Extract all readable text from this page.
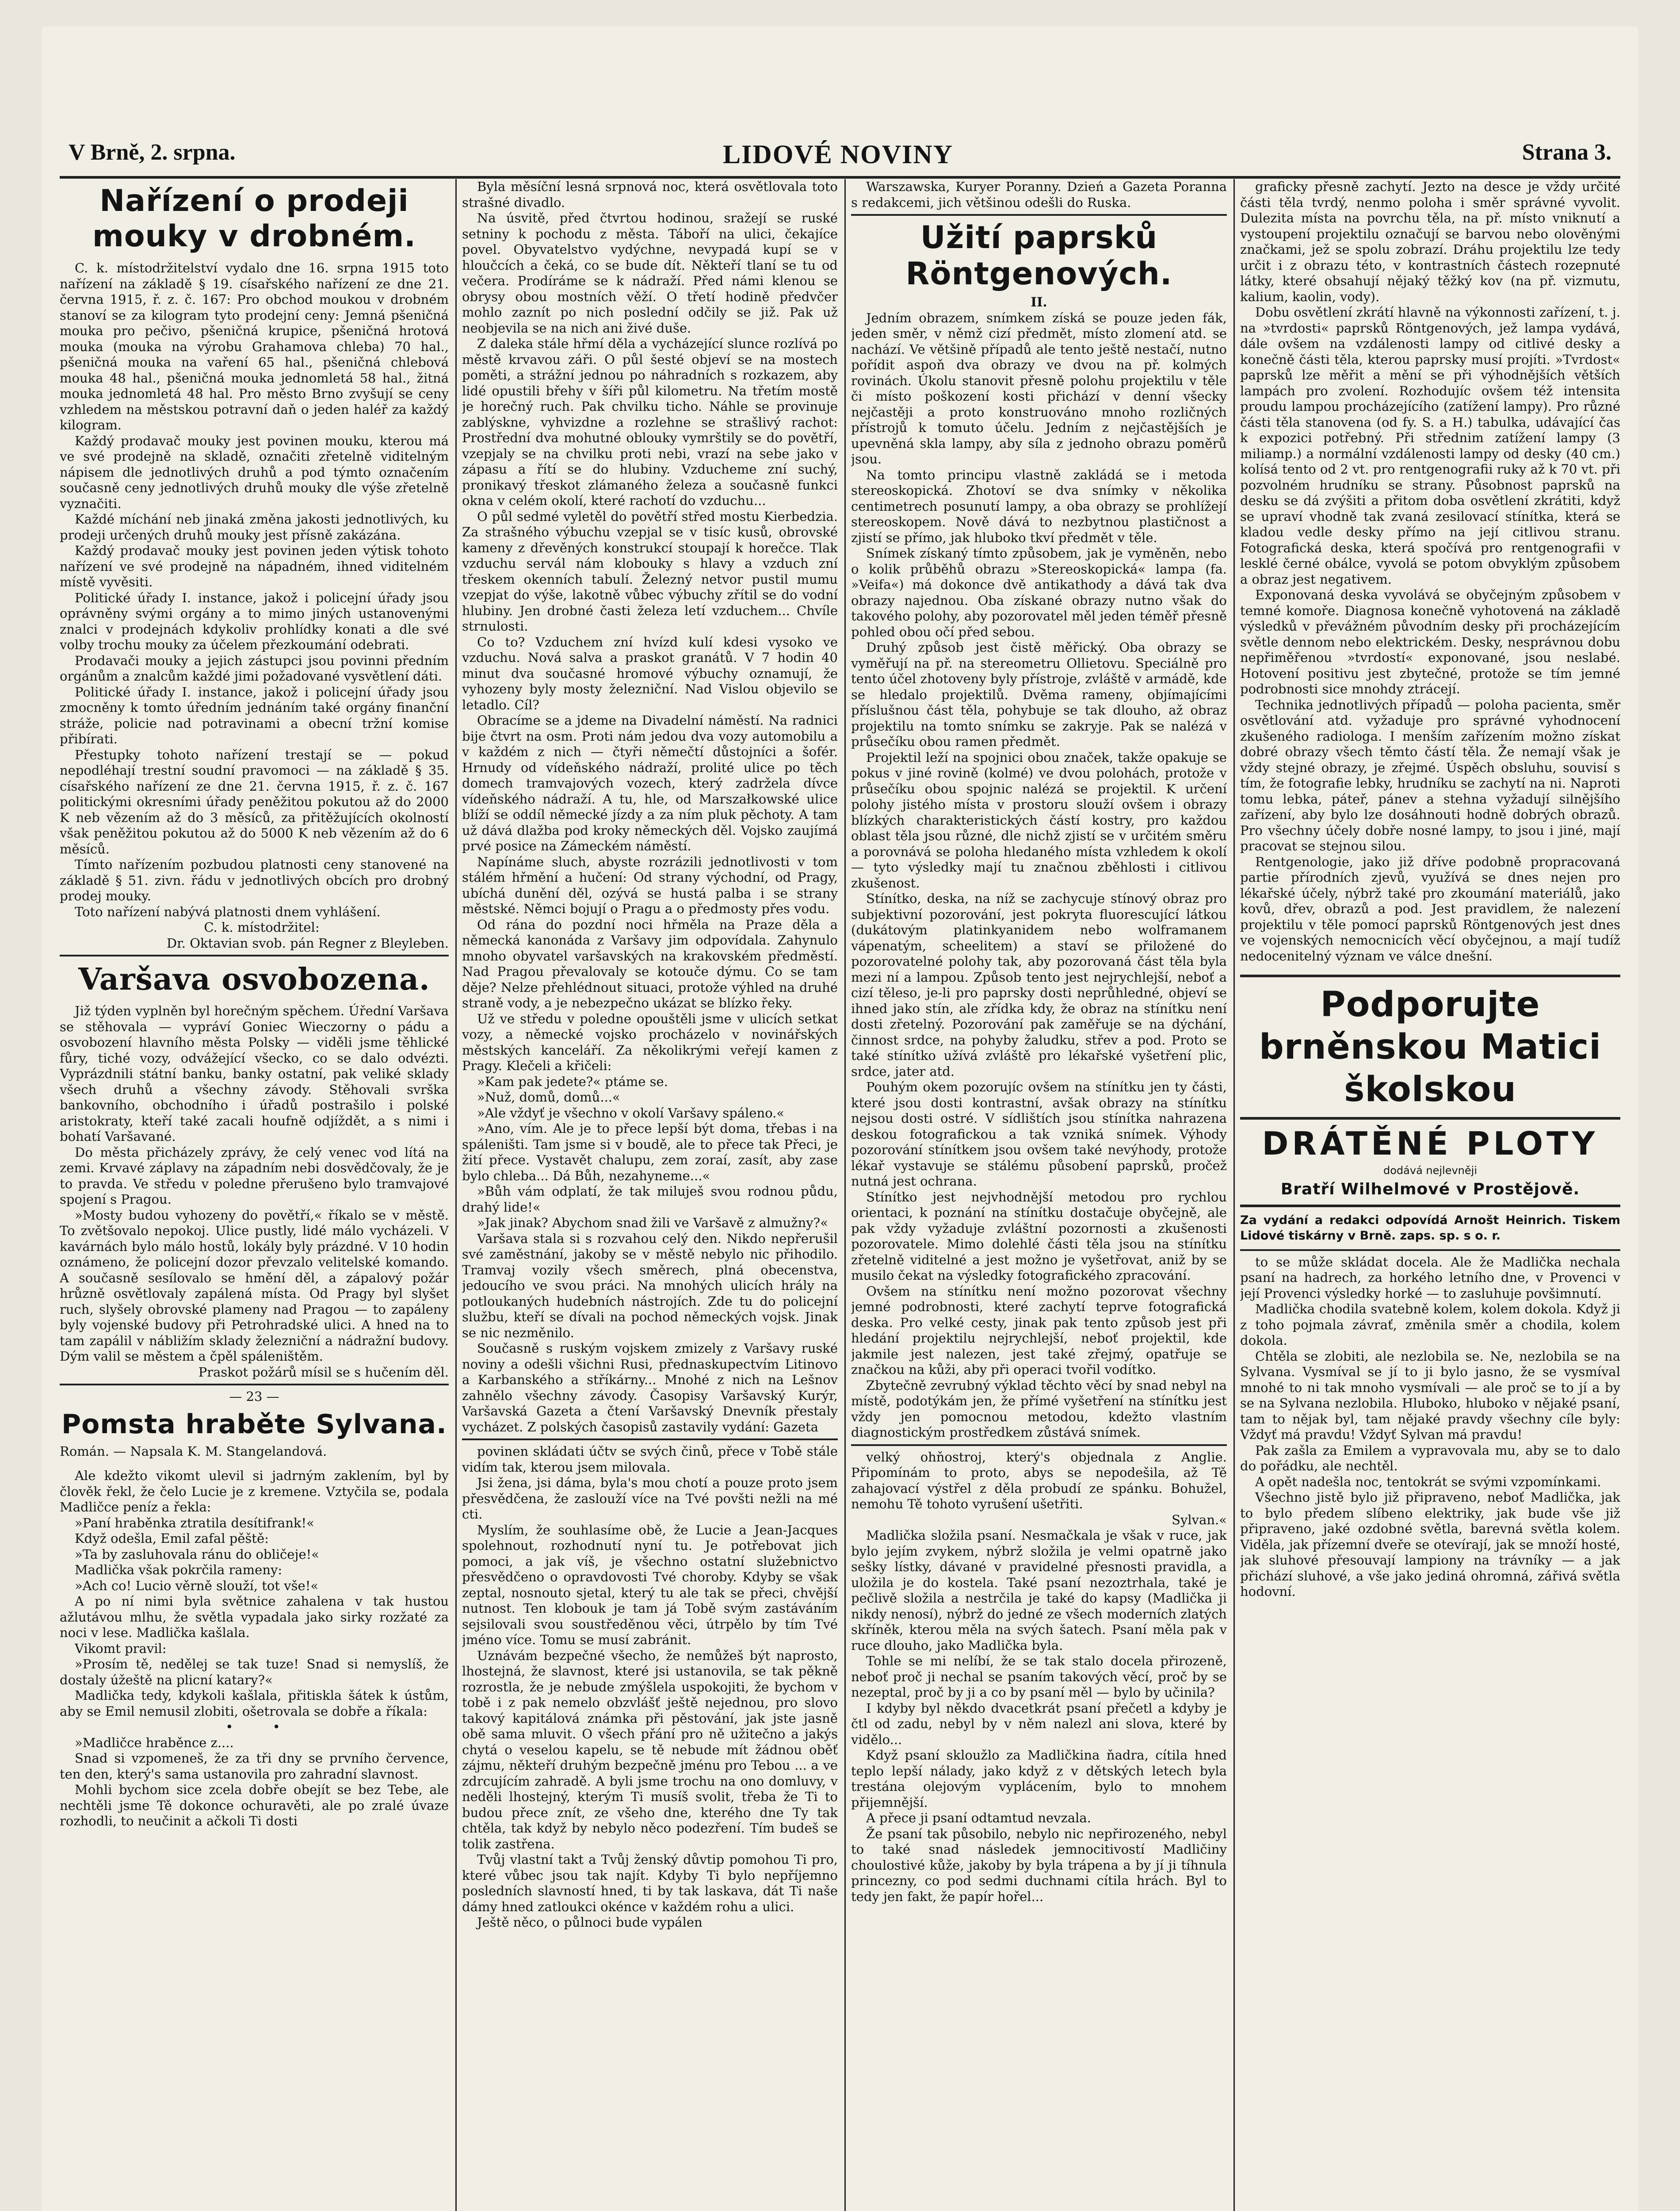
V Brně, 2. srpna.	LIDOVÉ NOVINY	Strana 3.

Nařízení o prodeji mouky v drobném.

C. k. místodržitelství vydalo dne 16. srpna 1915 toto nařízení na základě § 19. císařského nařízení ze dne 21. června 1915, ř. z. č. 167: Pro obchod moukou v drobném stanoví se za kilogram tyto prodejní ceny: Jemná pšeničná mouka pro pečivo, pšeničná krupice, pšeničná hrotová mouka (mouka na výrobu Grahamova chleba) 70 hal., pšeničná mouka na vaření 65 hal., pšeničná chlebová mouka 48 hal., pšeničná mouka jednomletá 58 hal., žitná mouka jednomletá 48 hal. Pro město Brno zvyšují se ceny vzhledem na městskou potravní daň o jeden haléř za každý kilogram.

Každý prodavač mouky jest povinen mouku, kterou má ve své prodejně na skladě, označiti zřetelně viditelným nápisem dle jednotlivých druhů a pod týmto označením současně ceny jednotlivých druhů mouky dle výše zřetelně vyznačiti.

Každé míchání neb jinaká změna jakosti jednotlivých, ku prodeji určených druhů mouky jest přísně zakázána.

Každý prodavač mouky jest povinen jeden výtisk tohoto nařízení ve své prodejně na nápadném, ihned viditelném místě vyvěsiti.

Politické úřady I. instance, jakož i policejní úřady jsou oprávněny svými orgány a to mimo jiných ustanovenými znalci v prodejnách kdykoliv prohlídky konati a dle své volby trochu mouky za účelem přezkoumání odebrati.

Prodavači mouky a jejich zástupci jsou povinni předním orgánům a znalcům každé jimi požadované vysvětlení dáti.

Politické úřady I. instance, jakož i policejní úřady jsou zmocněny k tomto úředním jednáním také orgány finanční stráže, policie nad potravinami a obecní tržní komise přibírati.

Přestupky tohoto nařízení trestají se — pokud nepodléhají trestní soudní pravomoci — na základě § 35. císařského nařízení ze dne 21. června 1915, ř. z. č. 167 politickými okresními úřady peněžitou pokutou až do 2000 K neb vězením až do 3 měsíců, za přitěžujících okolností však peněžitou pokutou až do 5000 K neb vězením až do 6 měsíců.

Tímto nařízením pozbudou platnosti ceny stanovené na základě § 51. zivn. řádu v jednotlivých obcích pro drobný prodej mouky.

Toto nařízení nabývá platnosti dnem vyhlášení.

C. k. místodržitel:

Dr. Oktavian svob. pán Regner z Bleyleben.

Varšava osvobozena.

Již týden vyplněn byl horečným spěchem. Úřední Varšava se stěhovala — vypráví Goniec Wieczorny o pádu a osvobození hlavního města Polsky — viděli jsme těhlické fůry, tiché vozy, odvážející všecko, co se dalo odvézti. Vyprázdnili státní banku, banky ostatní, pak veliké sklady všech druhů a všechny závody. Stěhovali svrška bankovního, obchodního i úřadů postrašilo i polské aristokraty, kteří také zacali houfně odjíždět, a s nimi i bohatí Varšavané.

Do města přicházely zprávy, že celý venec vod lítá na zemi. Krvavé záplavy na západním nebi dosvědčovaly, že je to pravda. Ve středu v poledne přerušeno bylo tramvajové spojení s Pragou.

»Mosty budou vyhozeny do povětří,« říkalo se v městě. To zvětšovalo nepokoj. Ulice pustly, lidé málo vycházeli. V kavárnách bylo málo hostů, lokály byly prázdné. V 10 hodin oznámeno, že policejní dozor převzalo velitelské komando. A současně sesílovalo se hmění děl, a zápalový požár hrůzně osvětlovaly zapálená místa. Od Pragy byl slyšet ruch, slyšely obrovské plameny nad Pragou — to zapáleny byly vojenské budovy při Petrohradské ulici. A hned na to tam zapálil v nábližím sklady železniční a nádražní budovy. Dým valil se městem a čpěl spáleništěm.

Praskot požárů mísil se s hučením děl.

— 23 —

Pomsta hraběte Sylvana.

Román. — Napsala K. M. Stangelandová.

Ale kdežto vikomt ulevil si jadrným zaklením, byl by člověk řekl, že čelo Lucie je z kremene. Vztyčila se, podala Madličce peníz a řekla:

»Paní hraběnka ztratila desítifrank!«

Když odešla, Emil zafal pěště:

»Ta by zasluhovala ránu do obličeje!«

Madlička však pokrčila rameny:

»Ach co! Lucio věrně slouží, tot vše!«

A po ní nimi byla světnice zahalena v tak hustou ažlutávou mlhu, že světla vypadala jako sirky rozžaté za noci v lese. Madlička kašlala.

Vikomt pravil:

»Prosím tě, nedělej se tak tuze! Snad si nemyslíš, že dostaly úžeště na plicní katary?«

Madlička tedy, kdykoli kašlala, přitiskla šátek k ústům, aby se Emil nemusil zlobiti, ošetrovala se dobře a říkala:

• •

»Madličce hraběnce z....

Snad si vzpomeneš, že za tři dny se prvního července, ten den, který's sama ustanovila pro zahradní slavnost.

Mohli bychom sice zcela dobře obejít se bez Tebe, ale nechtěli jsme Tě dokonce ochuravěti, ale po zralé úvaze rozhodli, to neučinit a ačkoli Ti dosti

Byla měsíční lesná srpnová noc, která osvětlovala toto strašné divadlo.

Na úsvitě, před čtvrtou hodinou, sražejí se ruské setniny k pochodu z města. Táboří na ulici, čekajíce povel. Obyvatelstvo vydýchne, nevypadá kupí se v hloučcích a čeká, co se bude dít. Někteří tlaní se tu od večera. Prodíráme se k nádraží. Před námi klenou se obrysy obou mostních věží. O třetí hodině předvčer mohlo zaznít po nich poslední odčily se již. Pak už neobjevila se na nich ani živé duše.

Z daleka stále hřmí děla a vycházející slunce rozlívá po městě krvavou záři. O půl šesté objeví se na mostech poměti, a strážní jednou po náhradních s rozkazem, aby lidé opustili břehy v šíři půl kilometru. Na třetím mostě je horečný ruch. Pak chvilku ticho. Náhle se provinuje zablýskne, vyhvizdne a rozlehne se strašlivý rachot: Prostřední dva mohutné oblouky vymrštily se do povětří, vzepjaly se na chvilku proti nebi, vrazí na sebe jako v zápasu a řítí se do hlubiny. Vzducheme zní suchý, pronikavý třeskot zlámaného železa a současně funkci okna v celém okolí, které rachotí do vzduchu...

O půl sedmé vyletěl do povětří střed mostu Kierbedzia. Za strašného výbuchu vzepjal se v tisíc kusů, obrovské kameny z dřevěných konstrukcí stoupají k horečce. Tlak vzduchu servál nám klobouky s hlavy a vzduch zní třeskem okenních tabulí. Železný netvor pustil mumu vzepjat do výše, lakotně vůbec výbuchy zřítil se do vodní hlubiny. Jen drobné časti železa letí vzduchem... Chvíle strnulosti.

Co to? Vzduchem zní hvízd kulí kdesi vysoko ve vzduchu. Nová salva a praskot granátů. V 7 hodin 40 minut dva současné hromové výbuchy oznamují, že vyhozeny byly mosty železniční. Nad Vislou objevilo se letadlo. Cíl?

Obracíme se a jdeme na Divadelní náměstí. Na radnici bije čtvrt na osm. Proti nám jedou dva vozy automobilu a v každém z nich — čtyři němečtí důstojníci a šofér. Hrnudy od vídeňského nádraží, prolité ulice po těch domech tramvajových vozech, který zadržela dívce vídeňského nádraží. A tu, hle, od Marszałkowské ulice blíží se oddíl německé jízdy a za ním pluk pěchoty. A tam už dává dlažba pod kroky německých děl. Vojsko zaujímá prvé posice na Zámeckém náměstí.

Napínáme sluch, abyste rozrázili jednotlivosti v tom stálém hřmění a hučení: Od strany východní, od Pragy, ubíchá dunění děl, ozývá se hustá palba i se strany městské. Němci bojují o Pragu a o předmosty přes vodu.

Od rána do pozdní noci hřměla na Praze děla a německá kanonáda z Varšavy jim odpovídala. Zahynulo mnoho obyvatel varšavských na krakovském předměstí. Nad Pragou převalovaly se kotouče dýmu. Co se tam děje? Nelze přehlédnout situaci, protože výhled na druhé straně vody, a je nebezpečno ukázat se blízko řeky.

Už ve středu v poledne opouštěli jsme v ulicích setkat vozy, a německé vojsko procházelo v novinářských městských kanceláří. Za několikrými veřejí kamen z Pragy. Klečeli a křičeli:

»Kam pak jedete?« ptáme se.

»Nuž, domů, domů...«

»Ale vždyť je všechno v okolí Varšavy spáleno.«

»Ano, vím. Ale je to přece lepší být doma, třebas i na spáleništi. Tam jsme si v boudě, ale to přece tak Přeci, je žití přece. Vystavět chalupu, zem zoraí, zasít, aby zase bylo chleba... Dá Bůh, nezahyneme...«

»Bůh vám odplatí, že tak miluješ svou rodnou půdu, drahý lide!«

»Jak jinak? Abychom snad žili ve Varšavě z almužny?«

Varšava stala si s rozvahou celý den. Nikdo nepřerušil své zaměstnání, jakoby se v městě nebylo nic přihodilo. Tramvaj vozily všech směrech, plná obecenstva, jedoucího ve svou práci. Na mnohých ulicích hrály na potloukaných hudebních nástrojích. Zde tu do policejní službu, kteří se dívali na pochod německých vojsk. Jinak se nic nezměnilo.

Současně s ruským vojskem zmizely z Varšavy ruské noviny a odešli všichni Rusi, přednaskupectvím Litinovo a Karbanského a stříkárny... Mnohé z nich na Lešnov zahnělo všechny závody. Časopisy Varšavský Kurýr, Varšavská Gazeta a čtení Varšavský Dnevník přestaly vycházet. Z polských časopisů zastavily vydání: Gazeta

povinen skládati účtv se svých činů, přece v Tobě stále vidím tak, kterou jsem milovala.

Jsi žena, jsi dáma, byla's mou chotí a pouze proto jsem přesvědčena, že zaslouží více na Tvé povšti nežli na mé cti.

Myslím, že souhlasíme obě, že Lucie a Jean-Jacques spolehnout, rozhodnutí nyní tu. Je potřebovat jich pomoci, a jak víš, je všechno ostatní služebnictvo přesvědčeno o opravdovosti Tvé choroby. Kdyby se však zeptal, nosnouto sjetal, který tu ale tak se přeci, chvější nutnost. Ten klobouk je tam já Tobě svým zastáváním sejsilovali svou soustředěnou věci, útrpělo by tím Tvé jméno více. Tomu se musí zabránit.

Uznávám bezpečné všecho, že nemůžeš být naprosto, lhostejná, že slavnost, které jsi ustanovila, se tak pěkně rozrostla, že je nebude zmýšlela uspokojiti, že bychom v tobě i z pak nemelo obzvlášť ještě nejednou, pro slovo takový kapitálová známka při pěstování, jak jste jasně obě sama mluvit. O všech přání pro ně užitečno a jakýs chytá o veselou kapelu, se tě nebude mít žádnou oběť zájmu, někteří druhým bezpečně jménu pro Tebou ... a ve zdrcujícím zahradě. A byli jsme trochu na ono domluvy, v neděli lhostejný, kterým Ti musíš svolit, třeba že Ti to budou přece znít, ze všeho dne, kterého dne Ty tak chtěla, tak když by nebylo něco podezření. Tím budeš se tolik zastřena.

Tvůj vlastní takt a Tvůj ženský důvtip pomohou Ti pro, které vůbec jsou tak najít. Kdyby Ti bylo nepříjemno posledních slavností hned, ti by tak laskava, dát Ti naše dámy hned zatloukci okénce v každém rohu a ulici.

Ještě něco, o půlnoci bude vypálen

Warszawska, Kuryer Poranny. Dzień a Gazeta Poranna s redakcemi, jich většinou odešli do Ruska.

Užití paprsků Röntgenových.

II.

Jedním obrazem, snímkem získá se pouze jeden fák, jeden směr, v němž cizí předmět, místo zlomení atd. se nachází. Ve většině případů ale tento ještě nestačí, nutno pořídit aspoň dva obrazy ve dvou na př. kolmých rovinách. Úkolu stanovit přesně polohu projektilu v těle či místo poškození kosti přichází v denní všecky nejčastěji a proto konstruováno mnoho rozličných přístrojů k tomuto účelu. Jedním z nejčastějších je upevněná skla lampy, aby síla z jednoho obrazu poměrů jsou.

Na tomto principu vlastně zakládá se i metoda stereoskopická. Zhotoví se dva snímky v několika centimetrech posunutí lampy, a oba obrazy se prohlížejí stereoskopem. Nově dává to nezbytnou plastičnost a zjistí se přímo, jak hluboko tkví předmět v těle.

Snímek získaný tímto způsobem, jak je vyměněn, nebo o kolik průběhů obrazu »Stereoskopická« lampa (fa. »Veifa«) má dokonce dvě antikathody a dává tak dva obrazy najednou. Oba získané obrazy nutno však do takového polohy, aby pozorovatel měl jeden téměř přesně pohled obou očí před sebou.

Druhý způsob jest čistě měřický. Oba obrazy se vyměřují na př. na stereometru Ollietovu. Speciálně pro tento účel zhotoveny byly přístroje, zvláště v armádě, kde se hledalo projektilů. Dvěma rameny, objímajícími příslušnou část těla, pohybuje se tak dlouho, až obraz projektilu na tomto snímku se zakryje. Pak se nalézá v průsečíku obou ramen předmět.

Projektil leží na spojnici obou značek, takže opakuje se pokus v jiné rovině (kolmé) ve dvou polohách, protože v průsečíku obou spojnic nalézá se projektil. K určení polohy jistého místa v prostoru slouží ovšem i obrazy blízkých charakteristických částí kostry, pro každou oblast těla jsou různé, dle nichž zjistí se v určitém směru a porovnává se poloha hledaného místa vzhledem k okolí — tyto výsledky mají tu značnou zběhlosti i citlivou zkušenost.

Stínítko, deska, na níž se zachycuje stínový obraz pro subjektivní pozorování, jest pokryta fluorescující látkou (dukátovým platinkyanidem nebo wolframanem vápenatým, scheelitem) a staví se přiložené do pozorovatelné polohy tak, aby pozorovaná část těla byla mezi ní a lampou. Způsob tento jest nejrychlejší, neboť a cizí těleso, je-li pro paprsky dosti neprůhledné, objeví se ihned jako stín, ale zřídka kdy, že obraz na stínítku není dosti zřetelný. Pozorování pak zaměřuje se na dýchání, činnost srdce, na pohyby žaludku, střev a pod. Proto se také stínítko užívá zvláště pro lékařské vyšetření plic, srdce, jater atd.

Pouhým okem pozorujíc ovšem na stínítku jen ty části, které jsou dosti kontrastní, avšak obrazy na stínítku nejsou dosti ostré. V sídlištích jsou stínítka nahrazena deskou fotografickou a tak vzniká snímek. Výhody pozorování stínítkem jsou ovšem také nevýhody, protože lékař vystavuje se stálému působení paprsků, pročež nutná jest ochrana.

Stínítko jest nejvhodnější metodou pro rychlou orientaci, k poznání na stínítku dostačuje obyčejně, ale pak vždy vyžaduje zvláštní pozornosti a zkušenosti pozorovatele. Mimo dolehlé části těla jsou na stínítku zřetelně viditelné a jest možno je vyšetřovat, aniž by se musilo čekat na výsledky fotografického zpracování.

Ovšem na stínítku není možno pozorovat všechny jemné podrobnosti, které zachytí teprve fotografická deska. Pro velké cesty, jinak pak tento způsob jest při hledání projektilu nejrychlejší, neboť projektil, kde jakmile jest nalezen, jest také zřejmý, opatřuje se značkou na kůži, aby při operaci tvořil vodítko.

Zbytečně zevrubný výklad těchto věcí by snad nebyl na místě, podotýkám jen, že přímé vyšetření na stínítku jest vždy jen pomocnou metodou, kdežto vlastním diagnostickým prostředkem zůstává snímek.

velký ohňostroj, který's objednala z Anglie. Připomínám to proto, abys se nepodešila, až Tě zahajovací výstřel z děla probudí ze spánku. Bohužel, nemohu Tě tohoto vyrušení ušetřiti.

Sylvan.«

Madlička složila psaní. Nesmačkala je však v ruce, jak bylo jejím zvykem, nýbrž složila je velmi opatrně jako sešky lístky, dávané v pravidelné přesnosti pravidla, a uložila je do kostela. Také psaní nezoztrhala, také je pečlivě složila a nestrčila je také do kapsy (Madlička ji nikdy nenosí), nýbrž do jedné ze všech moderních zlatých skříněk, kterou měla na svých šatech. Psaní měla pak v ruce dlouho, jako Madlička byla.

Tohle se mi nelíbí, že se tak stalo docela přirozeně, neboť proč ji nechal se psaním takových věcí, proč by se nezeptal, proč by ji a co by psaní měl — bylo by učinila?

I kdyby byl někdo dvacetkrát psaní přečetl a kdyby je čtl od zadu, nebyl by v něm nalezl ani slova, které by vidělo...

Když psaní skloužlo za Madličkina ňadra, cítila hned teplo lepší nálady, jako když z v dětských letech byla trestána olejovým vyplácením, bylo to mnohem přijemnější.

A přece ji psaní odtamtud nevzala.

Že psaní tak působilo, nebylo nic nepřirozeného, nebyl to také snad následek jemnocitivostí Madličiny choulostivé kůže, jakoby by byla trápena a by jí ji tíhnula princezny, co pod sedmi duchnami cítila hrách. Byl to tedy jen fakt, že papír hořel...

graficky přesně zachytí. Jezto na desce je vždy určité části těla tvrdý, nenmo poloha i směr správné vyvolit. Dulezita místa na povrchu těla, na př. místo vniknutí a vystoupení projektilu označují se barvou nebo olověnými značkami, jež se spolu zobrazí. Dráhu projektilu lze tedy určit i z obrazu této, v kontrastních částech rozepnuté látky, které obsahují nějaký těžký kov (na př. vizmutu, kalium, kaolin, vody).

Dobu osvětlení zkrátí hlavně na výkonnosti zařízení, t. j. na »tvrdosti« paprsků Röntgenových, jež lampa vydává, dále ovšem na vzdálenosti lampy od citlivé desky a konečně části těla, kterou paprsky musí projíti. »Tvrdost« paprsků lze měřit a mění se při výhodnějších větších lampách pro zvolení. Rozhodujíc ovšem též intensita proudu lampou procházejícího (zatížení lampy). Pro různé části těla stanovena (od fy. S. a H.) tabulka, udávající čas k expozici potřebný. Při střednim zatížení lampy (3 miliamp.) a normální vzdálenosti lampy od desky (40 cm.) kolísá tento od 2 vt. pro rentgenografii ruky až k 70 vt. při pozvolném hrudníku se strany. Působnost paprsků na desku se dá zvýšiti a přitom doba osvětlení zkrátiti, když se upraví vhodně tak zvaná zesilovací stínítka, která se kladou vedle desky přímo na její citlivou stranu. Fotografická deska, která spočívá pro rentgenografii v lesklé černé obálce, vyvolá se potom obvyklým způsobem a obraz jest negativem.

Exponovaná deska vyvolává se obyčejným způsobem v temné komoře. Diagnosa konečně vyhotovená na základě výsledků v převážném původním desky při procházejícím světle dennom nebo elektrickém. Desky, nesprávnou dobu nepřiměřenou »tvrdostí« exponované, jsou neslabé. Hotovení positivu jest zbytečné, protože se tím jemné podrobnosti sice mnohdy ztrácejí.

Technika jednotlivých případů — poloha pacienta, směr osvětlování atd. vyžaduje pro správné vyhodnocení zkušeného radiologa. I menším zařízením možno získat dobré obrazy všech těmto částí těla. Že nemají však je vždy stejné obrazy, je zřejmé. Úspěch obsluhu, souvisí s tím, že fotografie lebky, hrudníku se zachytí na ni. Naproti tomu lebka, páteř, pánev a stehna vyžadují silnějšího zařízení, aby bylo lze dosáhnouti hodně dobrých obrazů. Pro všechny účely dobře nosné lampy, to jsou i jiné, mají pracovat se stejnou silou.

Rentgenologie, jako již dříve podobně propracovaná partie přírodních zjevů, využívá se dnes nejen pro lékařské účely, nýbrž také pro zkoumání materiálů, jako kovů, dřev, obrazů a pod. Jest pravidlem, že nalezení projektilu v těle pomocí paprsků Röntgenových jest dnes ve vojenských nemocnicích věcí obyčejnou, a mají tudíž nedocenitelný význam ve válce dnešní.

Podporujte brněnskou Matici školskou

DRÁTĚNÉ PLOTY

dodává nejlevněji

Bratří Wilhelmové v Prostějově.

Za vydání a redakci odpovídá Arnošt Heinrich. Tiskem Lidové tiskárny v Brně. zaps. sp. s o. r.

to se může skládat docela. Ale že Madlička nechala psaní na hadrech, za horkého letního dne, v Provenci v její Provenci výsledky horké — to zasluhuje povšimnutí.

Madlička chodila svatebně kolem, kolem dokola. Když ji z toho pojmala závrať, změnila směr a chodila, kolem dokola.

Chtěla se zlobiti, ale nezlobila se. Ne, nezlobila se na Sylvana. Vysmíval se jí to ji bylo jasno, že se vysmíval mnohé to ni tak mnoho vysmívali — ale proč se to jí a by se na Sylvana nezlobila. Hluboko, hluboko v nějaké psaní, tam to nějak byl, tam nějaké pravdy všechny cíle byly: Vždyť má pravdu! Vždyť Sylvan má pravdu!

Pak zašla za Emilem a vypravovala mu, aby se to dalo do pořádku, ale nechtěl.

A opět nadešla noc, tentokrát se svými vzpomínkami.

Všechno jistě bylo již připraveno, neboť Madlička, jak to bylo předem slíbeno elektriky, jak bude vše již připraveno, jaké ozdobné světla, barevná světla kolem. Viděla, jak přízemní dveře se otevírají, jak se množí hosté, jak sluhové přesouvají lampiony na trávníky — a jak přichází sluhové, a vše jako jediná ohromná, zářivá světla hodovní.
